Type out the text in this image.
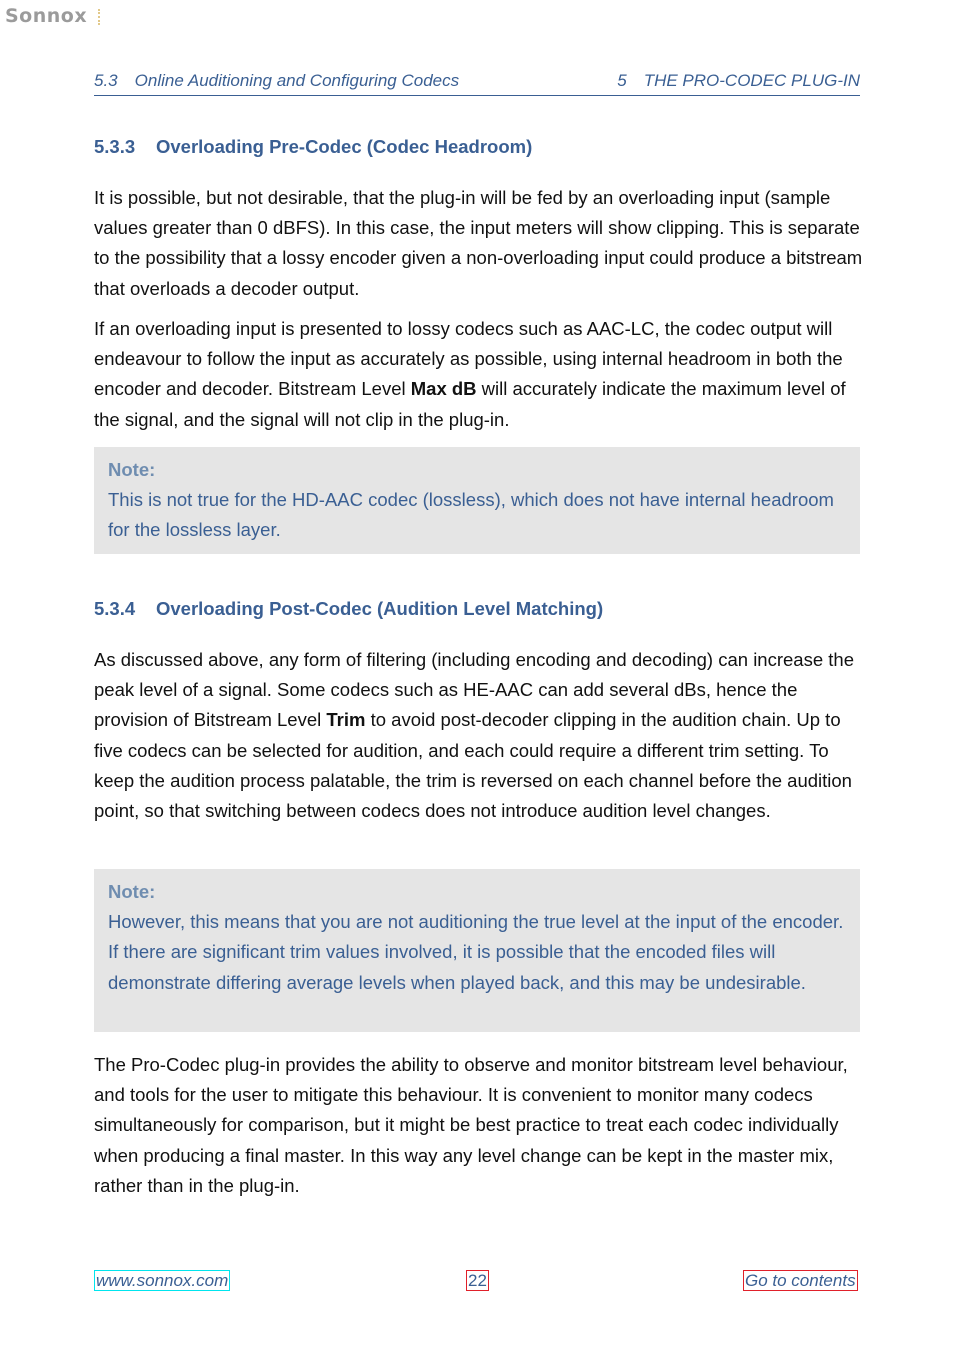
Sonnox
5.3 Online Auditioning and Configuring Codecs	5 THE PRO-CODEC PLUG-IN
5.3.3 Overloading Pre-Codec (Codec Headroom)

It is possible, but not desirable, that the plug-in will be fed by an overloading input (sample values greater than 0 dBFS). In this case, the input meters will show clipping. This is separate to the possibility that a lossy encoder given a non-overloading input could produce a bitstream that overloads a decoder output.

If an overloading input is presented to lossy codecs such as AAC-LC, the codec output will endeavour to follow the input as accurately as possible, using internal headroom in both the encoder and decoder. Bitstream Level Max dB will accurately indicate the maximum level of the signal, and the signal will not clip in the plug-in.

Note:
This is not true for the HD-AAC codec (lossless), which does not have internal headroom for the lossless layer.
5.3.4 Overloading Post-Codec (Audition Level Matching)

As discussed above, any form of filtering (including encoding and decoding) can increase the peak level of a signal. Some codecs such as HE-AAC can add several dBs, hence the provision of Bitstream Level Trim to avoid post-decoder clipping in the audition chain. Up to five codecs can be selected for audition, and each could require a different trim setting. To keep the audition process palatable, the trim is reversed on each channel before the audition point, so that switching between codecs does not introduce audition level changes.

Note:
However, this means that you are not auditioning the true level at the input of the encoder. If there are significant trim values involved, it is possible that the encoded files will demonstrate differing average levels when played back, and this may be undesirable.

The Pro-Codec plug-in provides the ability to observe and monitor bitstream level behaviour, and tools for the user to mitigate this behaviour. It is convenient to monitor many codecs simultaneously for comparison, but it might be best practice to treat each codec individually when producing a final master. In this way any level change can be kept in the master mix, rather than in the plug-in.

www.sonnox.com	22	Go to contents
